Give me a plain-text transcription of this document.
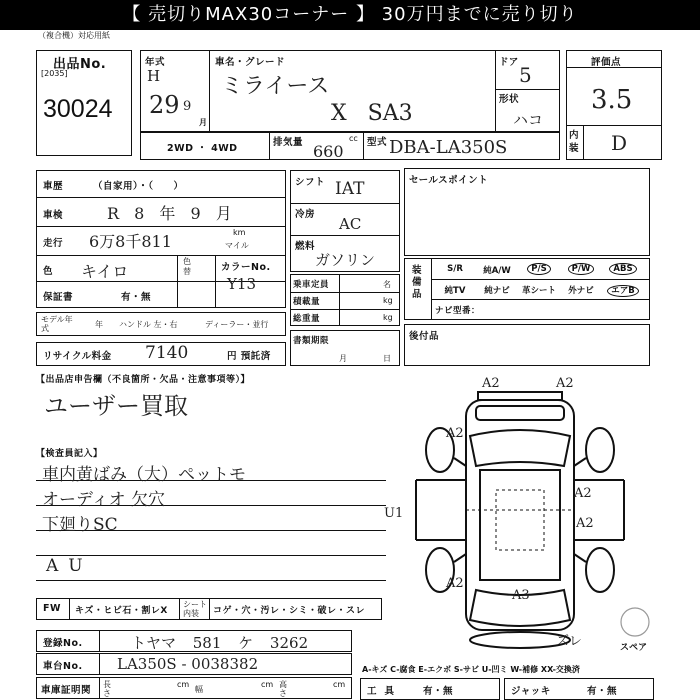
【 売切りMAX30コーナー 】 30万円までに売り切り
（複合機）対応用紙
出品No.
[2035]
30024
年式
H
29 9
月
車名・グレード
ミライース
X SA3
ドア
5
形状
ハコ
評価点
3.5
内装 D
2WD ・ 4WD
排気量	cc
660 型式 DBA-LA350S
車歴	（自家用）・（　　）
車検	R 8 年 9 月
走行 6万8千811	km
マイル
色 キイロ
色替	カラーNo.
Y13
保証書	有・無
モデル年式	年 ハンドル 左・右	ディーラー・並行
リサイクル料金 7140	円 預託済
シフト IAT
冷房
AC
燃料
ガソリン
乗車定員	名
積載量	kg
総重量	kg
書類期限
月	日
セールスポイント
装備品
S/R	純A/W	P/S	P/W	ABS
純TV	純ナビ	革シート	外ナビ	エアB
ナビ型番：
後付品
【出品店申告欄（不良箇所・欠品・注意事項等）】
ユーザー買取
【検査員記入】
車内黄ばみ（大）ペットモ
オーディオ 欠穴
下廻りSC
AU
FW キズ・ヒビ石・割レX
シート内装	コゲ・穴・汚レ・シミ・破レ・スレ
登録No.	トヤマ 581 ケ 3262
車台No. LA350S - 0038382
車庫証明関
長さ
cm
幅
cm 高さ
cm
A-キズ C-腐食 E-エクボ S-サビ U-凹ミ W-補修 XX-交換済
工具 有・無	ジャッキ	有・無
A2	A2
A2
A2
A2
A2
A3
U1
ズレ	スペア
